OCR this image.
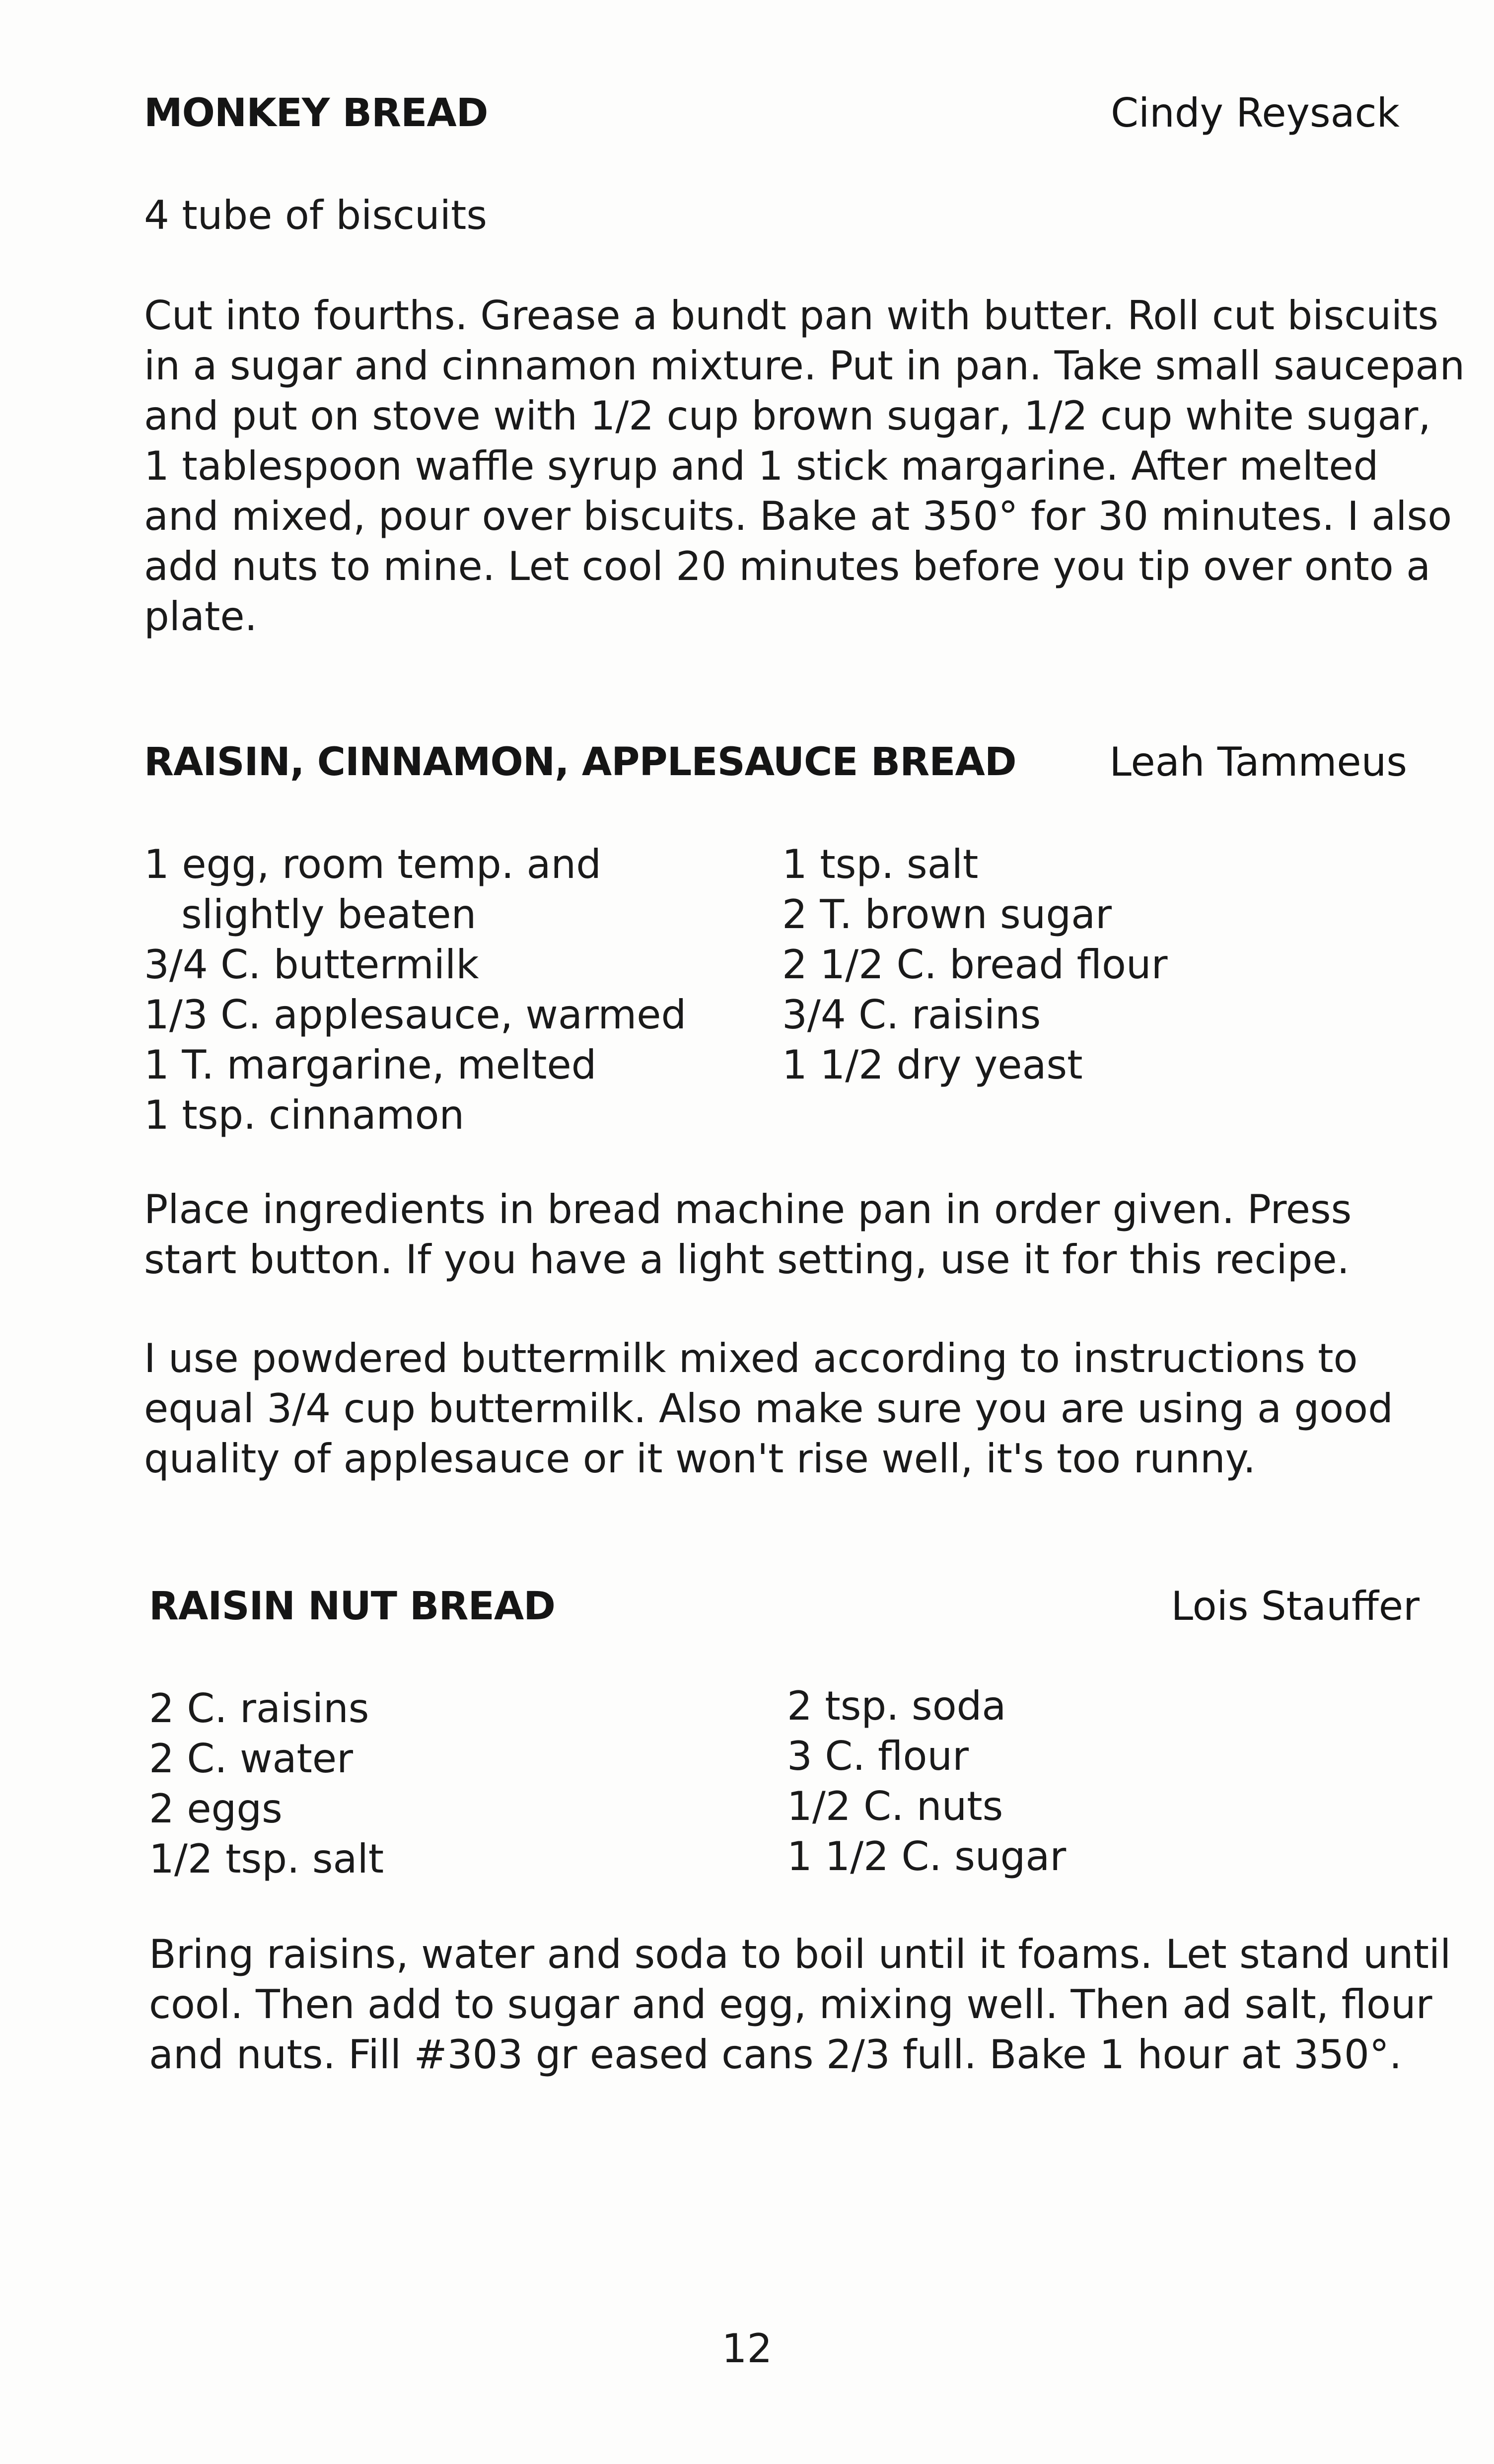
MONKEY BREAD	Cindy Reysack
4 tube of biscuits
Cut into fourths. Grease a bundt pan with butter. Roll cut biscuits
in a sugar and cinnamon mixture. Put in pan. Take small saucepan
and put on stove with 1/2 cup brown sugar, 1/2 cup white sugar,
1 tablespoon waffle syrup and 1 stick margarine. After melted
and mixed, pour over biscuits. Bake at 350° for 30 minutes. I also
add nuts to mine. Let cool 20 minutes before you tip over onto a
plate.
RAISIN, CINNAMON, APPLESAUCE BREAD Leah Tammeus
1 egg, room temp. and
slightly beaten
3/4 C. buttermilk
1/3 C. applesauce, warmed
1 T. margarine, melted
1 tsp. cinnamon
1 tsp. salt
2 T. brown sugar
2 1/2 C. bread flour
3/4 C. raisins
1 1/2 dry yeast
Place ingredients in bread machine pan in order given. Press
start button. If you have a light setting, use it for this recipe.
I use powdered buttermilk mixed according to instructions to
equal 3/4 cup buttermilk. Also make sure you are using a good
quality of applesauce or it won't rise well, it's too runny.
RAISIN NUT BREAD	Lois Stauffer
2 C. raisins
2 C. water
2 eggs
1/2 tsp. salt
2 tsp. soda
3 C. flour
1/2 C. nuts
1 1/2 C. sugar
Bring raisins, water and soda to boil until it foams. Let stand until
cool. Then add to sugar and egg, mixing well. Then ad salt, flour
and nuts. Fill #303 gr eased cans 2/3 full. Bake 1 hour at 350°.
12
